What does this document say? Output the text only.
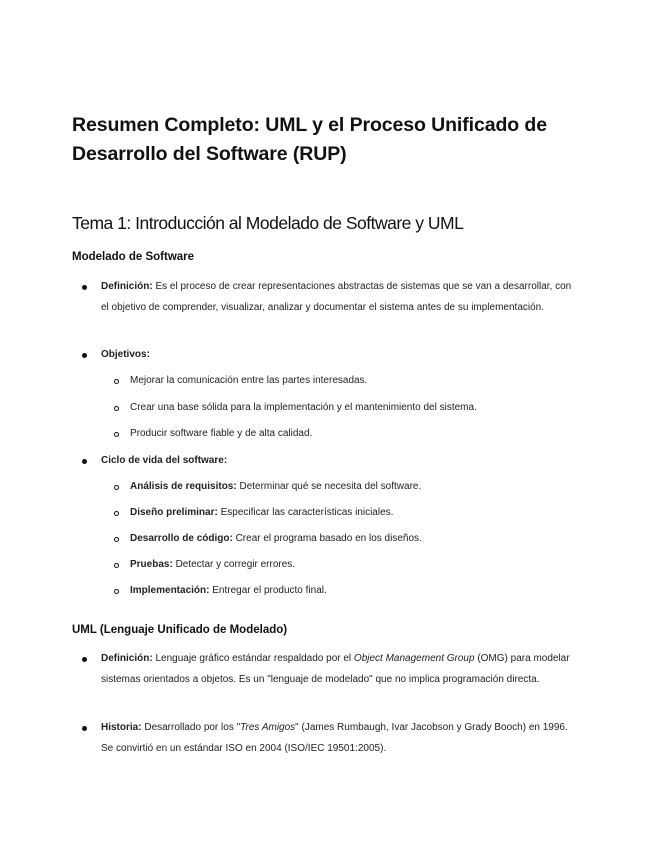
Resumen Completo: UML y el Proceso Unificado de Desarrollo del Software (RUP)
Tema 1: Introducción al Modelado de Software y UML
Modelado de Software
Definición: Es el proceso de crear representaciones abstractas de sistemas que se van a desarrollar, con el objetivo de comprender, visualizar, analizar y documentar el sistema antes de su implementación.
Objetivos:
Mejorar la comunicación entre las partes interesadas.
Crear una base sólida para la implementación y el mantenimiento del sistema.
Producir software fiable y de alta calidad.
Ciclo de vida del software:
Análisis de requisitos: Determinar qué se necesita del software.
Diseño preliminar: Especificar las características iniciales.
Desarrollo de código: Crear el programa basado en los diseños.
Pruebas: Detectar y corregir errores.
Implementación: Entregar el producto final.
UML (Lenguaje Unificado de Modelado)
Definición: Lenguaje gráfico estándar respaldado por el Object Management Group (OMG) para modelar sistemas orientados a objetos. Es un "lenguaje de modelado" que no implica programación directa.
Historia: Desarrollado por los "Tres Amigos" (James Rumbaugh, Ivar Jacobson y Grady Booch) en 1996. Se convirtió en un estándar ISO en 2004 (ISO/IEC 19501:2005).
